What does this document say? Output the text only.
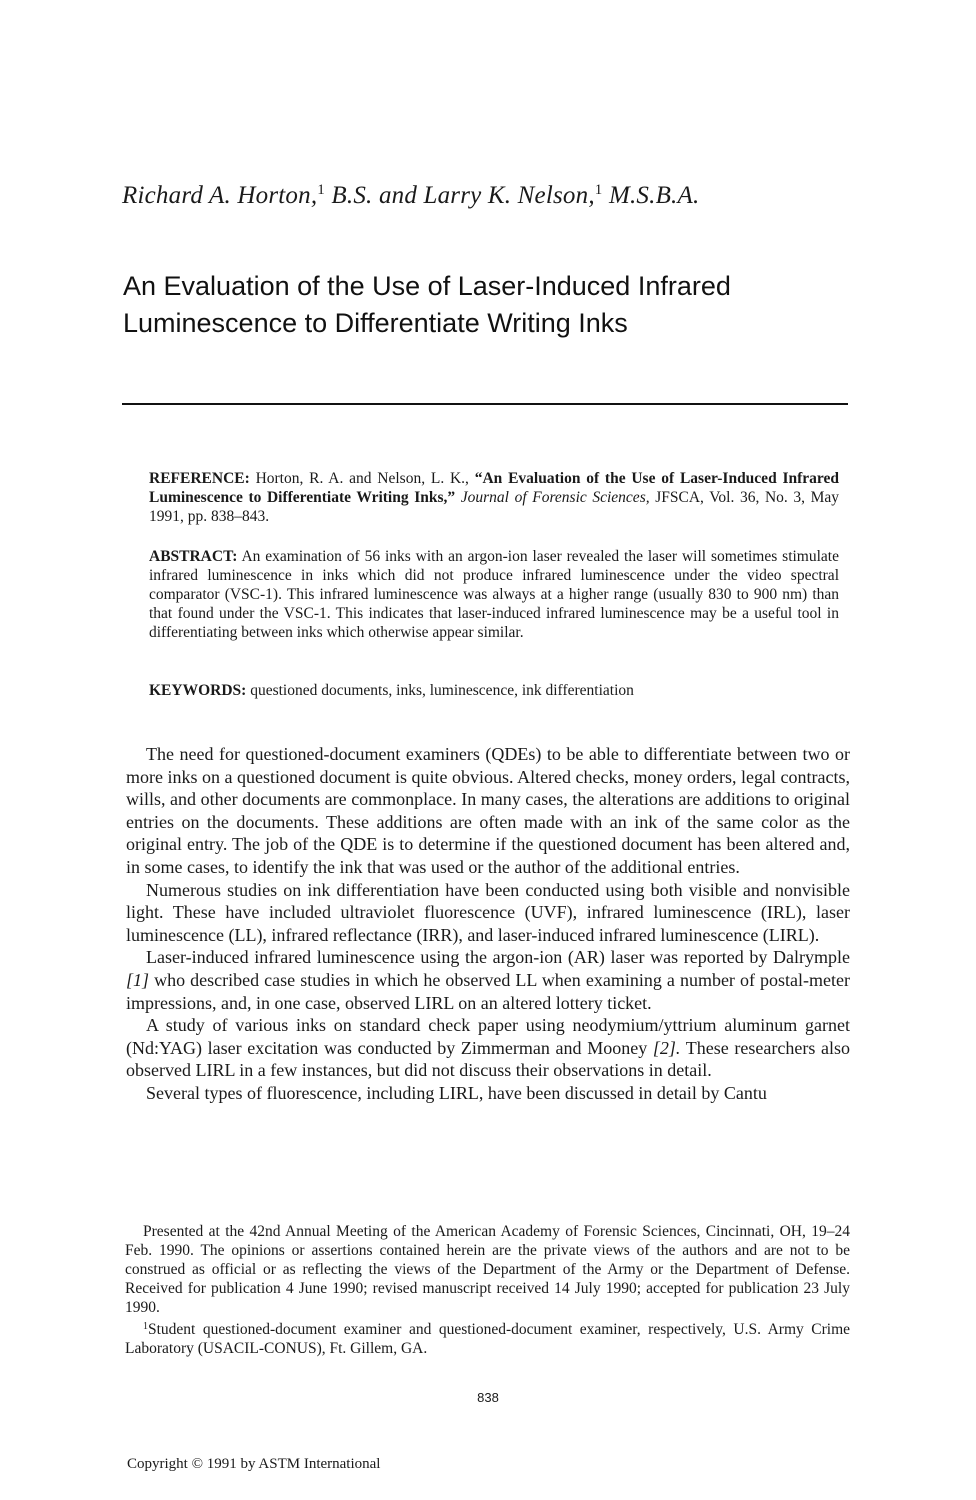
Richard A. Horton,$^1$ B.S. and Larry K. Nelson,$^1$ M.S.B.A.
An Evaluation of the Use of Laser-Induced Infrared
Luminescence to Differentiate Writing Inks
REFERENCE: Horton, R. A. and Nelson, L. K., “An Evaluation of the Use of Laser-Induced Infrared Luminescence to Differentiate Writing Inks,” Journal of Forensic Sciences, JFSCA, Vol. 36, No. 3, May 1991, pp. 838–843.
ABSTRACT: An examination of 56 inks with an argon-ion laser revealed the laser will sometimes stimulate infrared luminescence in inks which did not produce infrared luminescence under the video spectral comparator (VSC-1). This infrared luminescence was always at a higher range (usually 830 to 900 nm) than that found under the VSC-1. This indicates that laser-induced infrared luminescence may be a useful tool in differentiating between inks which otherwise appear similar.
KEYWORDS: questioned documents, inks, luminescence, ink differentiation

The need for questioned-document examiners (QDEs) to be able to differentiate between two or more inks on a questioned document is quite obvious. Altered checks, money orders, legal contracts, wills, and other documents are commonplace. In many cases, the alterations are additions to original entries on the documents. These additions are often made with an ink of the same color as the original entry. The job of the QDE is to determine if the questioned document has been altered and, in some cases, to identify the ink that was used or the author of the additional entries.

Numerous studies on ink differentiation have been conducted using both visible and nonvisible light. These have included ultraviolet fluorescence (UVF), infrared luminescence (IRL), laser luminescence (LL), infrared reflectance (IRR), and laser-induced infrared luminescence (LIRL).

Laser-induced infrared luminescence using the argon-ion (AR) laser was reported by Dalrymple [1] who described case studies in which he observed LL when examining a number of postal-meter impressions, and, in one case, observed LIRL on an altered lottery ticket.

A study of various inks on standard check paper using neodymium/yttrium aluminum garnet (Nd:YAG) laser excitation was conducted by Zimmerman and Mooney [2]. These researchers also observed LIRL in a few instances, but did not discuss their observations in detail.

Several types of fluorescence, including LIRL, have been discussed in detail by Cantu

Presented at the 42nd Annual Meeting of the American Academy of Forensic Sciences, Cincinnati, OH, 19–24 Feb. 1990. The opinions or assertions contained herein are the private views of the authors and are not to be construed as official or as reflecting the views of the Department of the Army or the Department of Defense. Received for publication 4 June 1990; revised manuscript received 14 July 1990; accepted for publication 23 July 1990.

$^1$Student questioned-document examiner and questioned-document examiner, respectively, U.S. Army Crime Laboratory (USACIL-CONUS), Ft. Gillem, GA.

838
Copyright © 1991 by ASTM International
